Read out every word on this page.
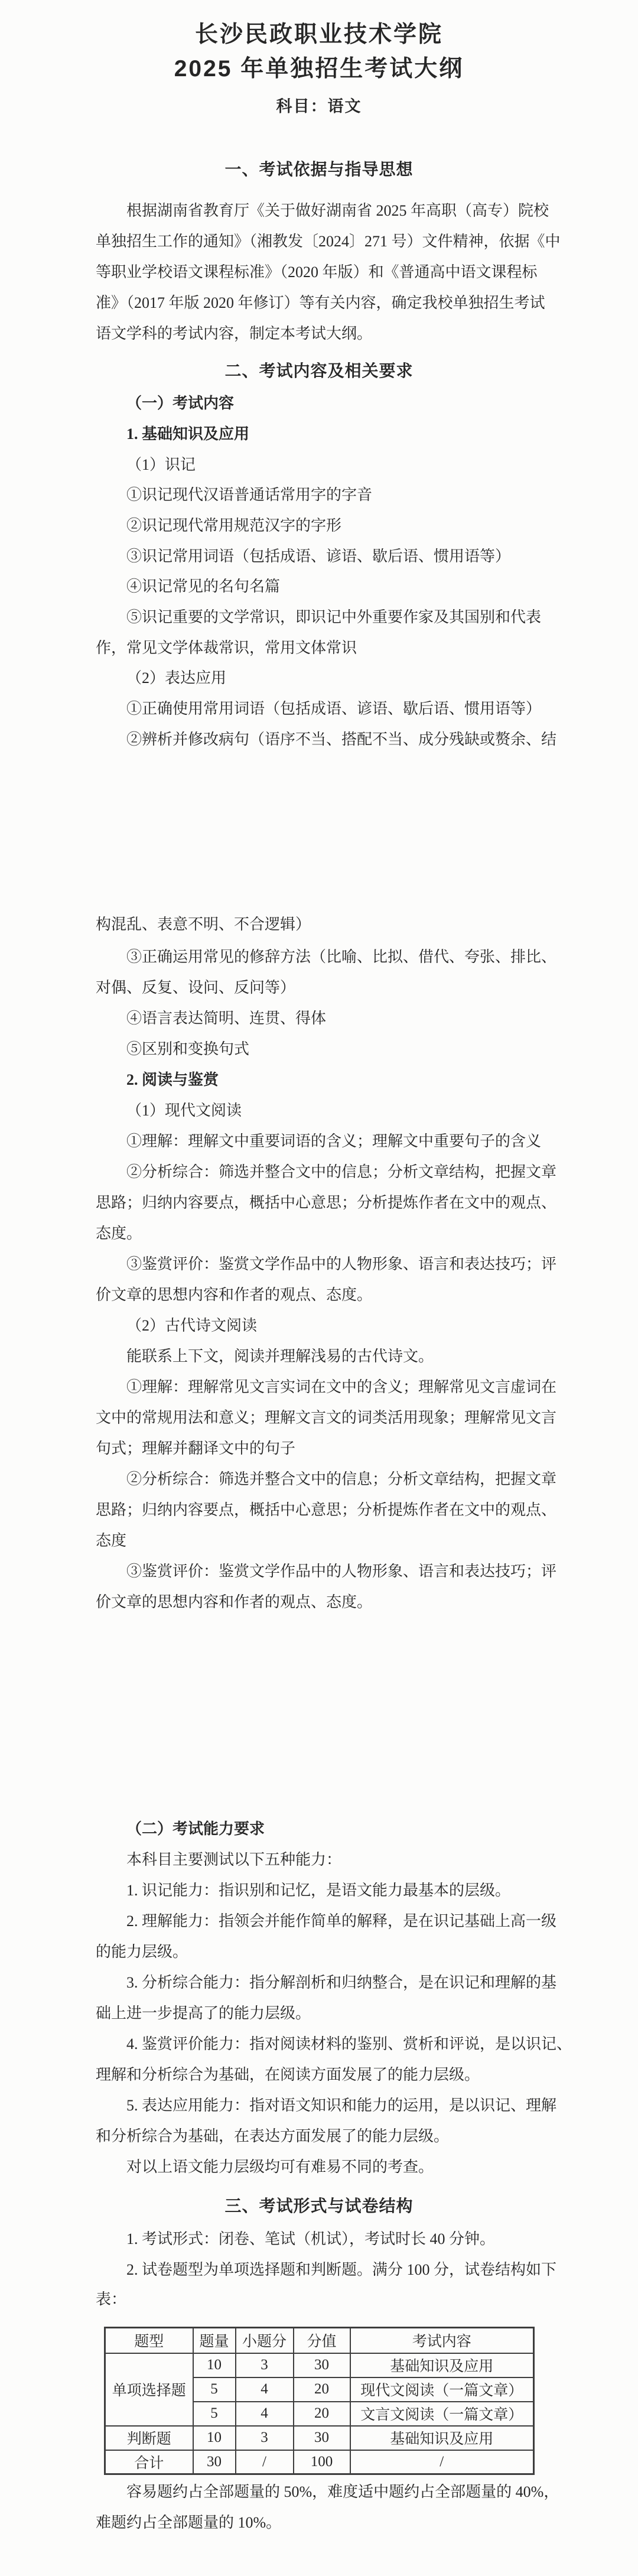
长沙民政职业技术学院
2025 年单独招生考试大纲
科目：语文
一、考试依据与指导思想
根据湖南省教育厅《关于做好湖南省 2025 年高职（高专）院校
单独招生工作的通知》（湘教发〔2024〕271 号）文件精神，依据《中
等职业学校语文课程标准》（2020 年版）和《普通高中语文课程标
准》（2017 年版 2020 年修订）等有关内容，确定我校单独招生考试
语文学科的考试内容，制定本考试大纲。
二、考试内容及相关要求
（一）考试内容
1. 基础知识及应用
（1）识记
①识记现代汉语普通话常用字的字音
②识记现代常用规范汉字的字形
③识记常用词语（包括成语、谚语、歇后语、惯用语等）
④识记常见的名句名篇
⑤识记重要的文学常识，即识记中外重要作家及其国别和代表
作，常见文学体裁常识，常用文体常识
（2）表达应用
①正确使用常用词语（包括成语、谚语、歇后语、惯用语等）
②辨析并修改病句（语序不当、搭配不当、成分残缺或赘余、结
构混乱、表意不明、不合逻辑）
③正确运用常见的修辞方法（比喻、比拟、借代、夸张、排比、
对偶、反复、设问、反问等）
④语言表达简明、连贯、得体
⑤区别和变换句式
2. 阅读与鉴赏
（1）现代文阅读
①理解：理解文中重要词语的含义；理解文中重要句子的含义
②分析综合：筛选并整合文中的信息；分析文章结构，把握文章
思路；归纳内容要点，概括中心意思；分析提炼作者在文中的观点、
态度。
③鉴赏评价：鉴赏文学作品中的人物形象、语言和表达技巧；评
价文章的思想内容和作者的观点、态度。
（2）古代诗文阅读
能联系上下文，阅读并理解浅易的古代诗文。
①理解：理解常见文言实词在文中的含义；理解常见文言虚词在
文中的常规用法和意义；理解文言文的词类活用现象；理解常见文言
句式；理解并翻译文中的句子
②分析综合：筛选并整合文中的信息；分析文章结构，把握文章
思路；归纳内容要点，概括中心意思；分析提炼作者在文中的观点、
态度
③鉴赏评价：鉴赏文学作品中的人物形象、语言和表达技巧；评
价文章的思想内容和作者的观点、态度。
（二）考试能力要求
本科目主要测试以下五种能力：
1. 识记能力：指识别和记忆，是语文能力最基本的层级。
2. 理解能力：指领会并能作简单的解释，是在识记基础上高一级
的能力层级。
3. 分析综合能力：指分解剖析和归纳整合，是在识记和理解的基
础上进一步提高了的能力层级。
4. 鉴赏评价能力：指对阅读材料的鉴别、赏析和评说，是以识记、
理解和分析综合为基础，在阅读方面发展了的能力层级。
5. 表达应用能力：指对语文知识和能力的运用，是以识记、理解
和分析综合为基础，在表达方面发展了的能力层级。
对以上语文能力层级均可有难易不同的考查。
三、考试形式与试卷结构
1. 考试形式：闭卷、笔试（机试），考试时长 40 分钟。
2. 试卷题型为单项选择题和判断题。满分 100 分，试卷结构如下
表：
容易题约占全部题量的 50%，难度适中题约占全部题量的 40%，
难题约占全部题量的 10%。
题型	题量	小题分	分值	考试内容
单项选择题	10	3	30	基础知识及应用
	5	4	20	现代文阅读（一篇文章）
	5	4	20	文言文阅读（一篇文章）
判断题	10	3	30	基础知识及应用
合计	30	/	100	/
